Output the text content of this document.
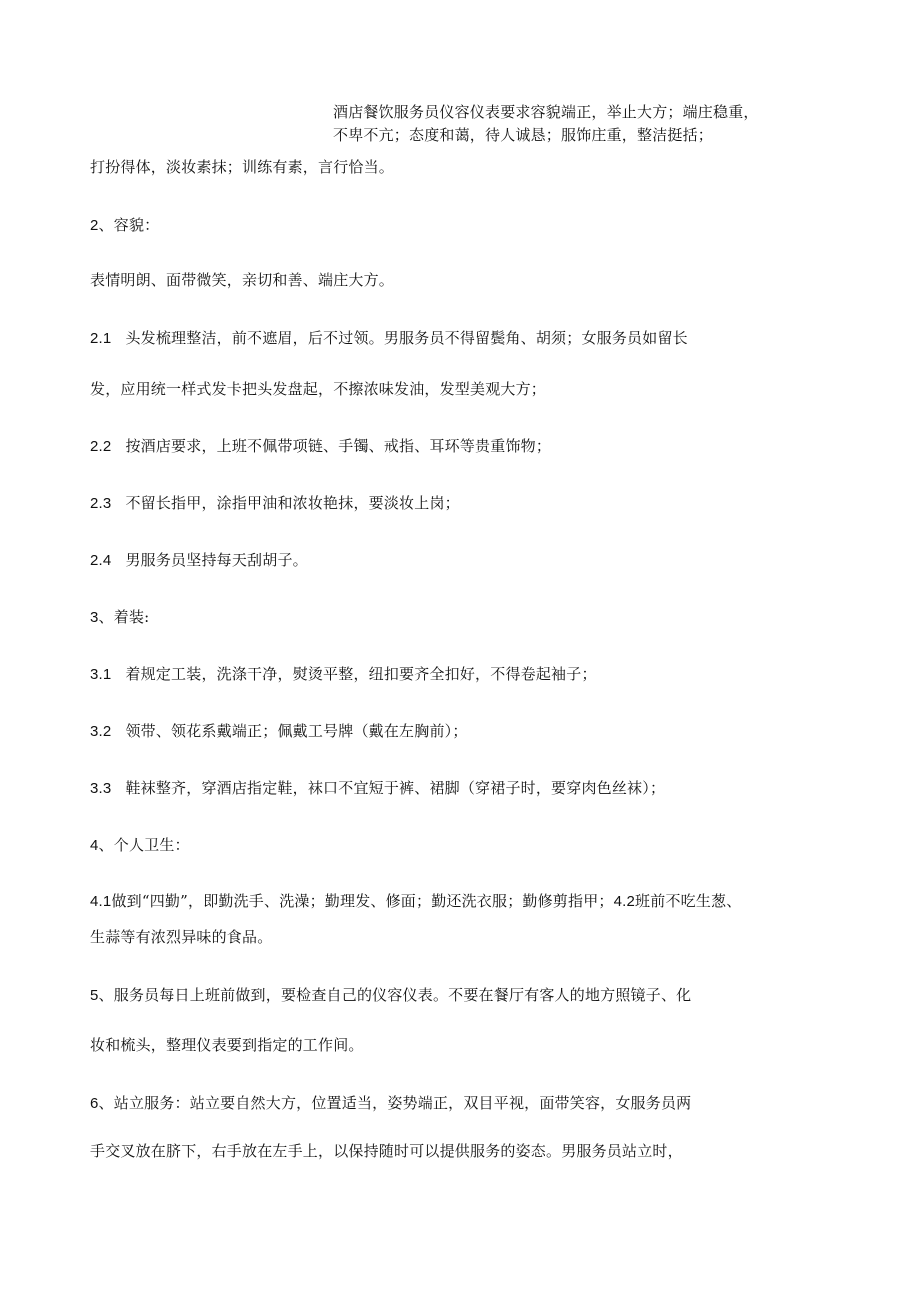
酒店餐饮服务员仪容仪表要求容貌端正，举止大方；端庄稳重，
不卑不亢；态度和蔼，待人诚恳；服饰庄重，整洁挺括；
打扮得体，淡妆素抹；训练有素，言行恰当。
2、容貌：
表情明朗、面带微笑，亲切和善、端庄大方。
2.1 头发梳理整洁，前不遮眉，后不过领。男服务员不得留鬓角、胡须；女服务员如留长
发，应用统一样式发卡把头发盘起，不擦浓味发油，发型美观大方；
2.2 按酒店要求，上班不佩带项链、手镯、戒指、耳环等贵重饰物；
2.3 不留长指甲，涂指甲油和浓妆艳抹，要淡妆上岗；
2.4 男服务员坚持每天刮胡子。
3、着装:
3.1 着规定工装，洗涤干净，熨烫平整，纽扣要齐全扣好，不得卷起袖子；
3.2 领带、领花系戴端正；佩戴工号牌（戴在左胸前）；
3.3 鞋袜整齐，穿酒店指定鞋，袜口不宜短于裤、裙脚（穿裙子时，要穿肉色丝袜）；
4、个人卫生：
4.1做到“四勤”，即勤洗手、洗澡；勤理发、修面；勤还洗衣服；勤修剪指甲；4.2班前不吃生葱、
生蒜等有浓烈异味的食品。
5、服务员每日上班前做到，要检查自己的仪容仪表。不要在餐厅有客人的地方照镜子、化
妆和梳头，整理仪表要到指定的工作间。
6、站立服务：站立要自然大方，位置适当，姿势端正，双目平视，面带笑容，女服务员两
手交叉放在脐下，右手放在左手上，以保持随时可以提供服务的姿态。男服务员站立时，
